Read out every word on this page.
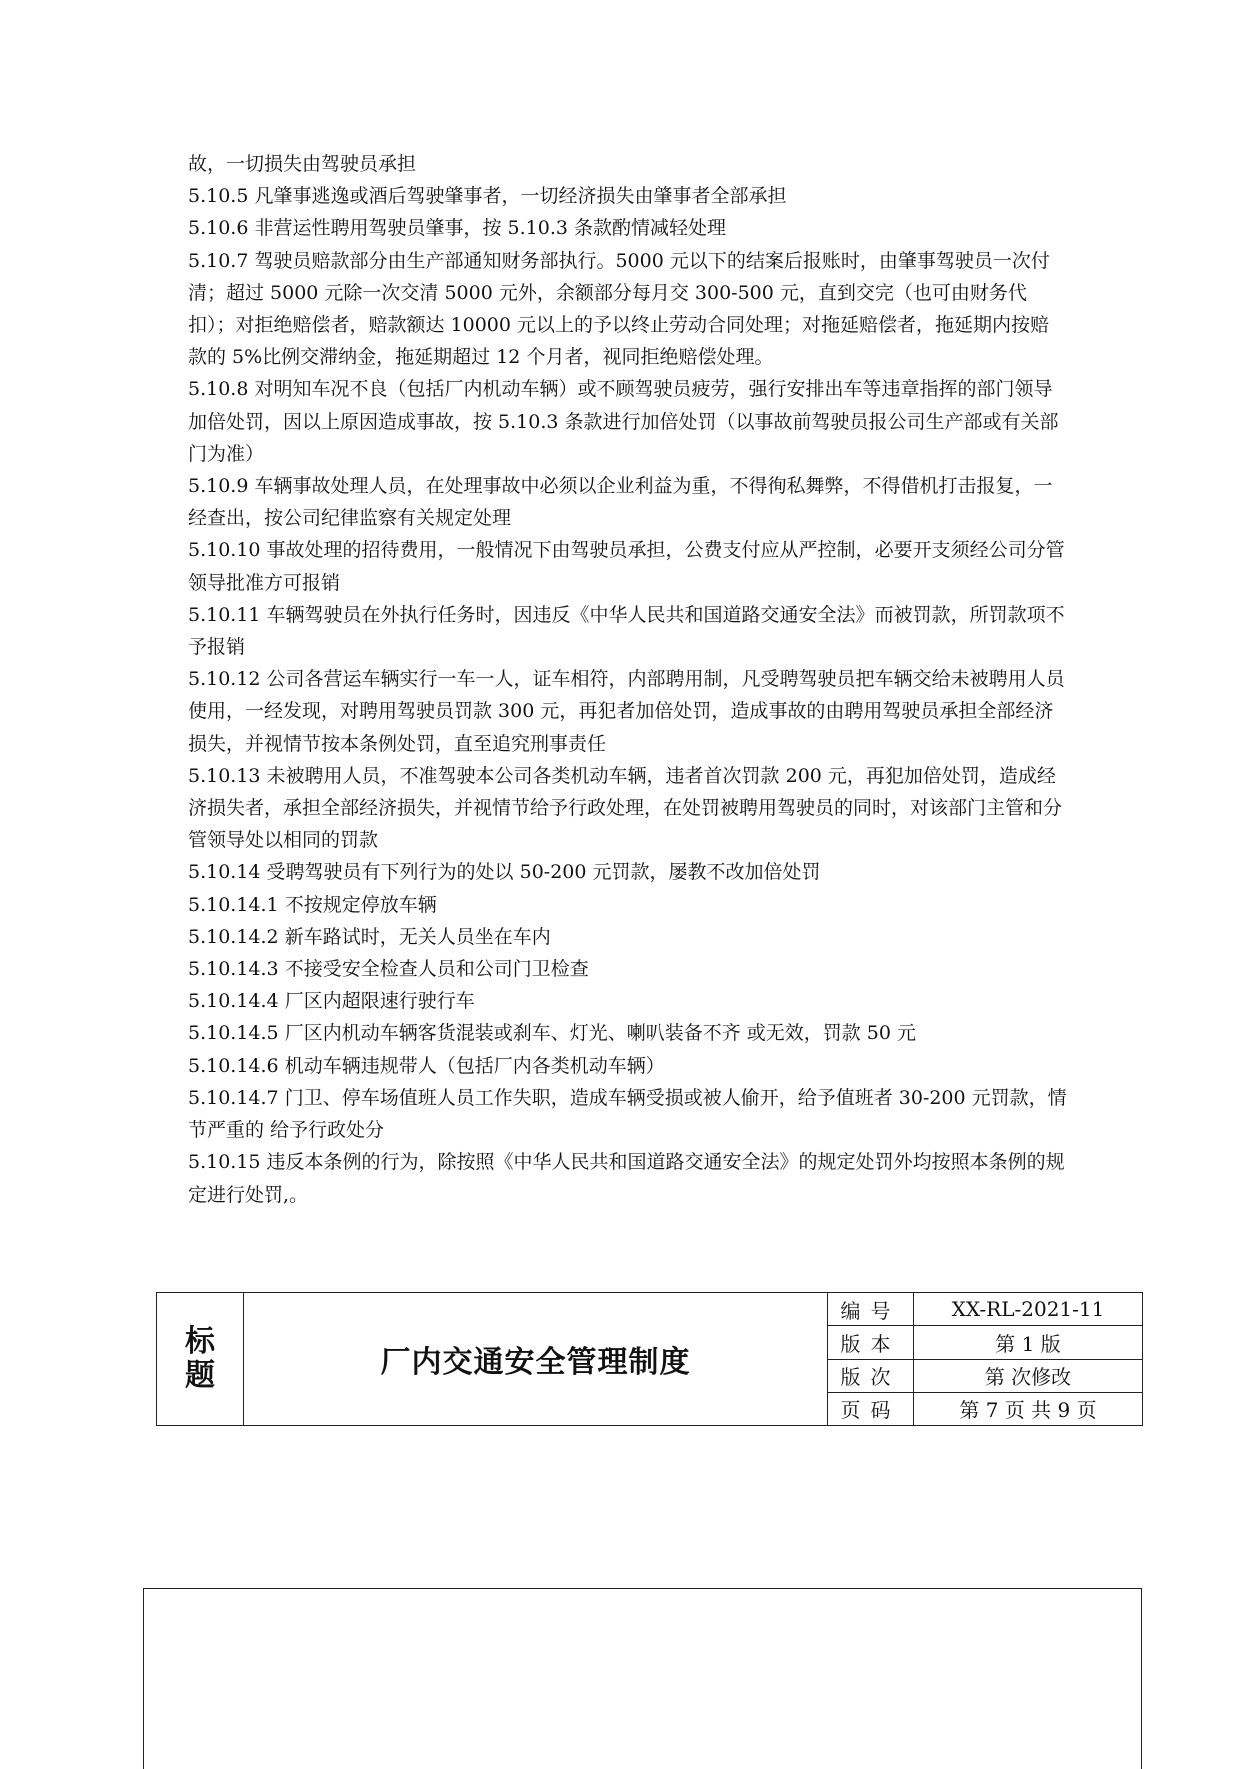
故，一切损失由驾驶员承担

5.10.5 凡肇事逃逸或酒后驾驶肇事者，一切经济损失由肇事者全部承担

5.10.6 非营运性聘用驾驶员肇事，按 5.10.3 条款酌情减轻处理

5.10.7 驾驶员赔款部分由生产部通知财务部执行。5000 元以下的结案后报账时，由肇事驾驶员一次付清；超过 5000 元除一次交清 5000 元外，余额部分每月交 300-500 元，直到交完（也可由财务代扣）；对拒绝赔偿者，赔款额达 10000 元以上的予以终止劳动合同处理；对拖延赔偿者，拖延期内按赔款的 5%比例交滞纳金，拖延期超过 12 个月者，视同拒绝赔偿处理。

5.10.8 对明知车况不良（包括厂内机动车辆）或不顾驾驶员疲劳，强行安排出车等违章指挥的部门领导加倍处罚，因以上原因造成事故，按 5.10.3 条款进行加倍处罚（以事故前驾驶员报公司生产部或有关部门为准）

5.10.9 车辆事故处理人员，在处理事故中必须以企业利益为重，不得徇私舞弊，不得借机打击报复，一经查出，按公司纪律监察有关规定处理

5.10.10 事故处理的招待费用，一般情况下由驾驶员承担，公费支付应从严控制，必要开支须经公司分管领导批准方可报销

5.10.11 车辆驾驶员在外执行任务时，因违反《中华人民共和国道路交通安全法》而被罚款，所罚款项不予报销

5.10.12 公司各营运车辆实行一车一人，证车相符，内部聘用制，凡受聘驾驶员把车辆交给未被聘用人员使用，一经发现，对聘用驾驶员罚款 300 元，再犯者加倍处罚，造成事故的由聘用驾驶员承担全部经济损失，并视情节按本条例处罚，直至追究刑事责任

5.10.13 未被聘用人员，不准驾驶本公司各类机动车辆，违者首次罚款 200 元，再犯加倍处罚，造成经济损失者，承担全部经济损失，并视情节给予行政处理，在处罚被聘用驾驶员的同时，对该部门主管和分管领导处以相同的罚款

5.10.14 受聘驾驶员有下列行为的处以 50-200 元罚款，屡教不改加倍处罚

5.10.14.1 不按规定停放车辆

5.10.14.2 新车路试时，无关人员坐在车内

5.10.14.3 不接受安全检查人员和公司门卫检查

5.10.14.4 厂区内超限速行驶行车

5.10.14.5 厂区内机动车辆客货混装或刹车、灯光、喇叭装备不齐 或无效，罚款 50 元

5.10.14.6 机动车辆违规带人（包括厂内各类机动车辆）

5.10.14.7 门卫、停车场值班人员工作失职，造成车辆受损或被人偷开，给予值班者 30-200 元罚款，情节严重的 给予行政处分

5.10.15 违反本条例的行为，除按照《中华人民共和国道路交通安全法》的规定处罚外均按照本条例的规定进行处罚,。

标
题	厂内交通安全管理制度	编号	XX-RL-2021-11
		版本	第 1 版
		版次	第 次修改
		页码	第 7 页 共 9 页
